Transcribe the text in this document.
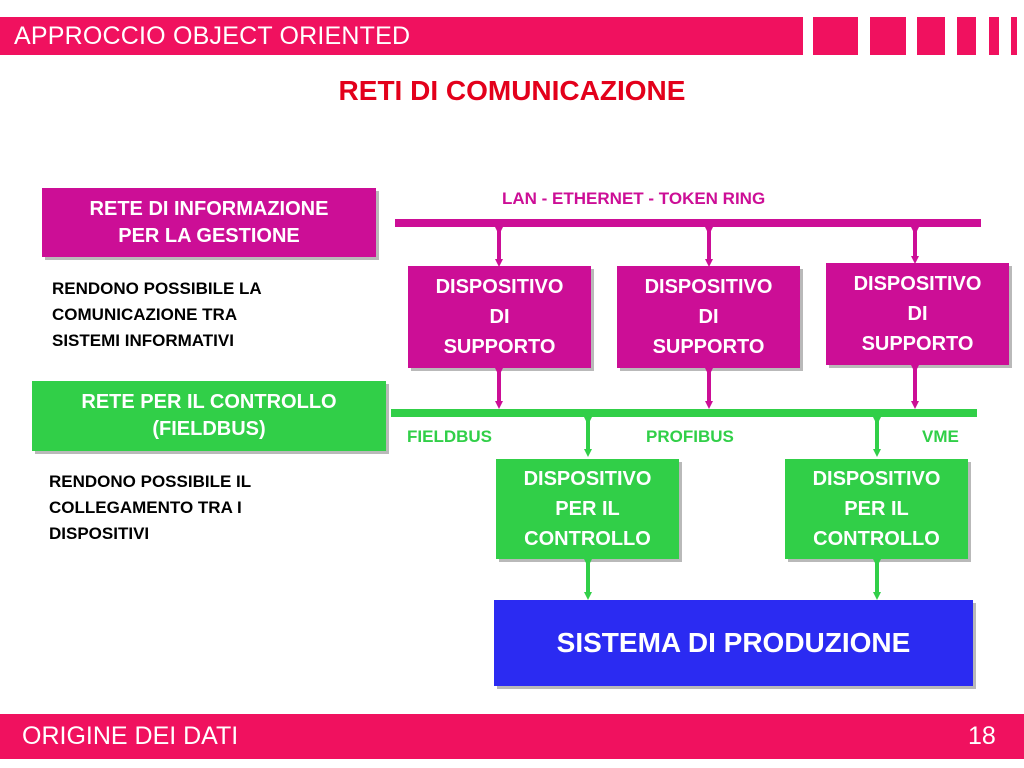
APPROCCIO OBJECT ORIENTED
RETI DI COMUNICAZIONE
RETE DI INFORMAZIONE
PER LA GESTIONE
RENDONO POSSIBILE LA
COMUNICAZIONE TRA
SISTEMI INFORMATIVI
RETE PER IL CONTROLLO
(FIELDBUS)
RENDONO POSSIBILE IL
COLLEGAMENTO TRA I
DISPOSITIVI
LAN - ETHERNET - TOKEN RING
FIELDBUS	PROFIBUS	VME
DISPOSITIVO
DI
SUPPORTO
DISPOSITIVO
DI
SUPPORTO
DISPOSITIVO
DI
SUPPORTO
DISPOSITIVO
PER IL
CONTROLLO
DISPOSITIVO
PER IL
CONTROLLO
SISTEMA DI PRODUZIONE
ORIGINE DEI DATI	18
